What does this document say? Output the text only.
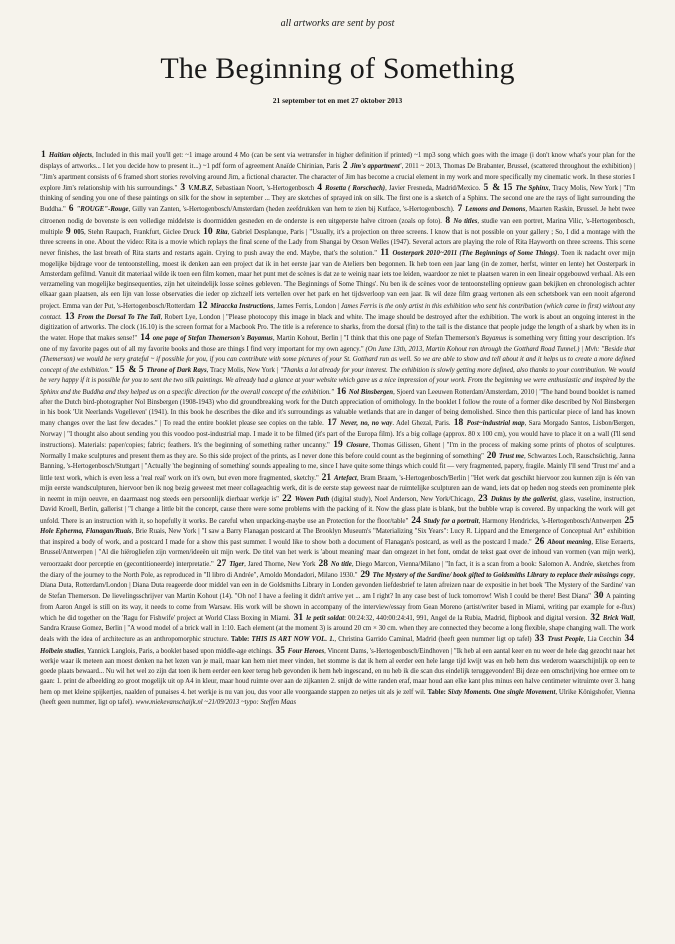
all artworks are sent by post

The Beginning of Something

21 september tot en met 27 oktober 2013

1 Haitian objects, Included in this mail you'll get: ~1 image around 4 Mo (can be sent via wetransfer in higher definition if printed) ~1 mp3 song which goes with the image (i don't know what's your plan for the displays of artworks... I let you decide how to present it...) ~1 pdf form of agreement Anaïde Chirinian, Paris 2 Jim's appartment', 2011 ~ 2013, Thomas De Brabanter, Brussel, (scattered throughout the exhibition) | "Jim's apartment consists of 6 framed short stories revolving around Jim, a fictional character. The character of Jim has become a crucial element in my work and more specifically my cinematic work. In these stories I explore Jim's relationship with his surroundings." 3 V.M.B.Z, Sebastiaan Noort, 's-Hertogenbosch 4 Rosetta ( Rorschach), Javier Fresneda, Madrid/Mexico. 5 & 15 The Sphinx, Tracy Molis, New York | "I'm thinking of sending you one of these paintings on silk for the show in september ... They are sketches of sprayed ink on silk. The first one is a sketch of a Sphinx. The second one are the rays of light surrounding the Buddha." 6 "ROUGE"-Rouge, Gilly van Zanten, 's-Hertogenbosch/Amsterdam (heden zeefdrukken van hem te zien bij Kutface, 's-Hertogenbosch). 7 Lemons and Demons, Maarten Raskin, Brussel. Je hebt twee citroenen nodig de bovenste is een volledige middelste is doormidden gesneden en de onderste is een uitgeperste halve citroen (zoals op foto). 8 No titles, studie van een portret, Marina Vilic, 's-Hertogenbosch, multiple 9 005, Stehn Raupach, Frankfurt, Giclee Druck 10 Rita, Gabriel Desplanque, Paris | "Usually, it's a projection on three screens. I know that is not possible on your gallery ; So, I did a montage with the three screens in one. About the video: Rita is a movie which replays the final scene of the Lady from Shangai by Orson Welles (1947). Several actors are playing the role of Rita Hayworth on three screens. This scene never finishes, the last breath of Rita starts and restarts again. Crying to push away the end. Maybe, that's the solution." 11 Oosterpark 2010~2011 (The Beginnings of Some Things). Toen ik nadacht over mijn mogelijke bijdrage voor de tentoonstelling, moest ik denken aan een project dat ik in het eerste jaar van de Ateliers ben begonnen. Ik heb toen een jaar lang (in de zomer, herfst, winter en lente) het Oosterpark in Amsterdam gefilmd. Vanuit dit materiaal wilde ik toen een film komen, maar het punt met de scènes is dat ze te weinig naar iets toe leiden, waardoor ze niet te plaatsen waren in een lineair opgebouwd verhaal. Als een verzameling van mogelijke beginsequenties, zijn het uiteindelijk losse scènes gebleven. 'The Beginnings of Some Things'. Nu ben ik de scènes voor de tentoonstelling opnieuw gaan bekijken en chronologisch achter elkaar gaan plaatsen, als een lijn van losse observaties die ieder op zichzelf iets vertellen over het park en het tijdsverloop van een jaar. Ik wil deze film graag vertonen als een schetsboek van een nooit afgerond project. Emma van der Put, 's-Hertogenbosch/Rotterdam 12 Miraccka Instructions, James Ferris, London | James Ferris is the only artist in this exhibition who sent his contribution (which came in first) without any contact. 13 From the Dorsal To The Tail, Robert Lye, London | "Please photocopy this image in black and white. The image should be destroyed after the exhibition. The work is about an ongoing interest in the digitization of artworks. The clock (16.10) is the screen format for a Macbook Pro. The title is a reference to sharks, from the dorsal (fin) to the tail is the distance that people judge the length of a shark by when its in the water. Hope that makes sense!" 14 one page of Stefan Themerson's Bayamus, Martin Kohout, Berlin | "I think that this one page of Stefan Themerson's Bayamus is something very fitting your description. It's one of my favorite pages out of all my favorite books and those are things I find very important for my own agency." (On June 13th, 2013, Martin Kohout ran through the Gotthard Road Tunnel.) | Mvh: "Beside that (Themerson) we would be very grateful ~ if possible for you, if you can contribute with some pictures of your St. Gotthard run as well. So we are able to show and tell about it and it helps us to create a more defined concept of the exhibition." 15 & 5 Throne of Dark Rays, Tracy Molis, New York | "Thanks a lot already for your interest. The exhibition is slowly getting more defined, also thanks to your contribution. We would be very happy if it is possible for you to sent the two silk paintings. We already had a glance at your website which gave us a nice impression of your work. From the beginning we were enthusiastic and inspired by the Sphinx and the Buddha and they helped us on a specific direction for the overall concept of the exhibition." 16 Nol Binsbergen, Sjoerd van Leeuwen Rotterdam/Amsterdam, 2010 | "The hand bound booklet is named after the Dutch bird-photographer Nol Binsbergen (1908-1943) who did groundbreaking work for the Dutch appreciation of ornithology. In the booklet I follow the route of a former dike described by Nol Binsbergen in his book 'Uit Neerlands Vogelleven' (1941). In this book he describes the dike and it's surroundings as valuable wetlands that are in danger of being demolished. Since then this particular piece of land has known many changes over the last few decades." | To read the entire booklet please see copies on the table. 17 Never, no, no way. Adel Ghezal, Paris. 18 Post~industrial map, Sara Morgado Santos, Lisbon/Bergen, Norway | "I thought also about sending you this voodoo post-industrial map. I made it to be filmed (it's part of the Europa film). It's a big collage (approx. 80 x 100 cm), you would have to place it on a wall (I'll send instructions). Materials: paper/copies; fabric; feathers. It's the beginning of something rather uncanny." 19 Closure, Thomas Gilissen, Ghent | "I'm in the process of making some prints of photos of sculptures. Normally I make sculptures and present them as they are. So this side project of the prints, as I never done this before could count as the beginning of something" 20 Trust me, Schwarzes Loch, Rauschsüchtig, Janna Banning, 's-Hertogenbosch/Stuttgart | "Actually 'the beginning of something' sounds appealing to me, since I have quite some things which could fit — very fragmented, papery, fragile. Mainly I'll send 'Trust me' and a little text work, which is even less a 'real real' work on it's own, but even more fragmented, sketchy." 21 Artefact, Bram Braam, 's-Hertogenbosch/Berlin | "Het werk dat geschikt hiervoor zou kunnen zijn is één van mijn eerste wandsculpturen, hiervoor ben ik nog bezig geweest met meer collageachtig werk, dit is de eerste stap geweest naar de ruimtelijke sculpturen aan de wand, iets dat op heden nog steeds een prominente plek in neemt in mijn oeuvre, en daarmaast nog steeds een persoonlijk dierbaar werkje is" 22 Woven Path (digital study), Noel Anderson, New York/Chicago, 23 Duktus by the gallerist, glass, vaseline, instruction, David Kroell, Berlin, gallerist | "I change a little bit the concept, cause there were some problems with the packing of it. Now the glass plate is blank, but the bubble wrap is covered. By unpacking the work will get unfold. There is an instruction with it, so hopefully it works. Be careful when unpacking-maybe use an Protection for the floor/table" 24 Study for a portrait, Harmony Hendricks, 's-Hertogenbosch/Antwerpen 25 Hole Epherma, Flanagan/Ruais, Brie Ruais, New York | "I saw a Barry Flanagan postcard at The Brooklyn Museum's "Materializing "Six Years": Lucy R. Lippard and the Emergence of Conceptual Art" exhibition that inspired a body of work, and a postcard I made for a show this past summer. I would like to show both a document of Flanagan's postcard, as well as the postcard I made." 26 About meaning, Elise Eeraerts, Brussel/Antwerpen | "Al die hiërogliefen zijn vormen/ideeën uit mijn werk. De titel van het werk is 'about meaning' maar dan omgezet in het font, omdat de tekst gaat over de inhoud van vormen (van mijn werk), veroorzaakt door perceptie en (gecontitioneerde) interpretatie." 27 Tiger, Jared Thorne, New York 28 No title, Diego Marcon, Vienna/Milano | "In fact, it is a scan from a book: Salomon A. Andrée, sketches from the diary of the journey to the North Pole, as reproduced in "Il libro di Andrée", Arnoldo Mondadori, Milano 1930." 29 The Mystery of the Sardine/ book gifted to Goldsmiths Library to replace their missings copy, Diana Duta, Rotterdam/London | Diana Duta reageerde door middel van een in de Goldsmiths Library in Londen gevonden liefdesbrief te laten afreizen naar de expositie in het boek 'The Mystery of the Sardine' van de Stefan Themerson. De lievelingsschrijver van Martin Kohout (14). "Oh no! I have a feeling it didn't arrive yet ... am I right? In any case best of luck tomorrow! Wish I could be there! Best Diana" 30 A painting from Aaron Angel is still on its way, it needs to come from Warsaw. His work will be shown in accompany of the interview/essay from Gean Moreno (artist/writer based in Miami, writing par example for e-flux) which he did together on the 'Ragu for Fishwife' project at World Class Boxing in Miami. 31 le petit soldat: 00:24:32, 440:00:24:41, 991, Angel de la Rubia, Madrid, flipbook and digital version. 32 Brick Wall, Sandra Krause Gomez, Berlin | "A wood model of a brick wall in 1:10. Each element (at the moment 3) is around 20 cm × 30 cm. when they are connected they become a long flexible, shape changing wall. The work deals with the idea of architecture as an anthropomorphic structure. Table: THIS IS ART NOW VOL. 1., Christina Garrido Caminal, Madrid (heeft geen nummer ligt op tafel) 33 Trust People, Lia Cecchin 34 Holbein studies, Yannick Langlois, Paris, a booklet based upon middle-age etchings. 35 Four Heroes, Vincent Dams, 's-Hertogenbosch/Eindhoven | "Ik heb al een aantal keer en nu weer de hele dag gezocht naar het werkje waar ik meteen aan moest denken na het lezen van je mail, maar kan hem niet meer vinden, het stomme is dat ik hem al eerder een hele lange tijd kwijt was en heb hem dus wederom waarschijnlijk op een te goede plaats bewaard... Nu wil het wel zo zijn dat toen ik hem eerder een keer terug heb gevonden ik hem heb ingescand, en nu heb ik die scan dus eindelijk teruggevonden! Bij deze een omschrijving hoe ermee om te gaan: 1. print de afbeelding zo groot mogelijk uit op A4 in kleur, maar houd ruimte over aan de zijkanten 2. snijdt de witte randen eraf, maar houd aan elke kant plus minus een halve centimeter witruimte over 3. hang hem op met kleine spijkertjes, naalden of punaises 4. het werkje is nu van jou, dus voor alle voorgaande stappen zo netjes uit als je zelf wil. Table: Sixty Moments. One single Movement, Ulrike Königshofer, Vienna (heeft geen nummer, ligt op tafel). www.miekevanschaijk.nl ~21/09/2013 ~typo: Steffen Maas
